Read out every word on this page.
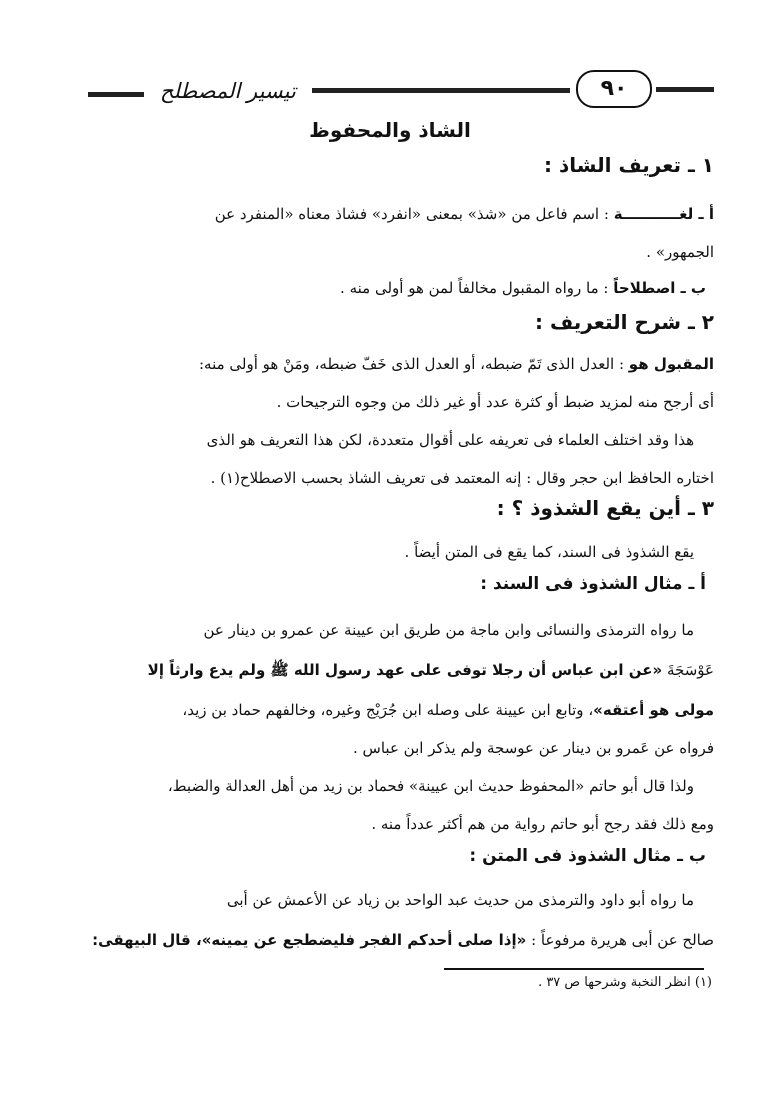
تيسير المصطلح	٩٠
الشاذ والمحفوظ
١ ـ تعريف الشاذ :
أ ـ لغـــــــــــة : اسم فاعل من «شذ» بمعنى «انفرد» فشاذ معناه «المنفرد عن
الجمهور» .
ب ـ اصطلاحاً : ما رواه المقبول مخالفاً لمن هو أولى منه .
٢ ـ شرح التعريف :
المقبول هو : العدل الذى تَمّ ضبطه، أو العدل الذى خَفّ ضبطه، ومَنْ هو أولى منه:
أى أرجح منه لمزيد ضبط أو كثرة عدد أو غير ذلك من وجوه الترجيحات .
هذا وقد اختلف العلماء فى تعريفه على أقوال متعددة، لكن هذا التعريف هو الذى
اختاره الحافظ ابن حجر وقال : إنه المعتمد فى تعريف الشاذ بحسب الاصطلاح(١) .
٣ ـ أين يقع الشذوذ ؟ :
يقع الشذوذ فى السند، كما يقع فى المتن أيضاً .
أ ـ مثال الشذوذ فى السند :
ما رواه الترمذى والنسائى وابن ماجة من طريق ابن عيينة عن عمرو بن دينار عن
عَوْسَجَةَ «عن ابن عباس أن رجلا توفى على عهد رسول الله ﷺ ولم يدع وارثاً إلا
مولى هو أعتقه»، وتابع ابن عيينة على وصله ابن جُرَيْج وغيره، وخالفهم حماد بن زيد،
فرواه عن عَمرو بن دينار عن عوسجة ولم يذكر ابن عباس .
ولذا قال أبو حاتم «المحفوظ حديث ابن عيينة» فحماد بن زيد من أهل العدالة والضبط،
ومع ذلك فقد رجح أبو حاتم رواية من هم أكثر عدداً منه .
ب ـ مثال الشذوذ فى المتن :
ما رواه أبو داود والترمذى من حديث عبد الواحد بن زياد عن الأعمش عن أبى
صالح عن أبى هريرة مرفوعاً : «إذا صلى أحدكم الفجر فليضطجع عن يمينه»، قال البيهقى:
(١) انظر النخبة وشرحها ص ٣٧ .
